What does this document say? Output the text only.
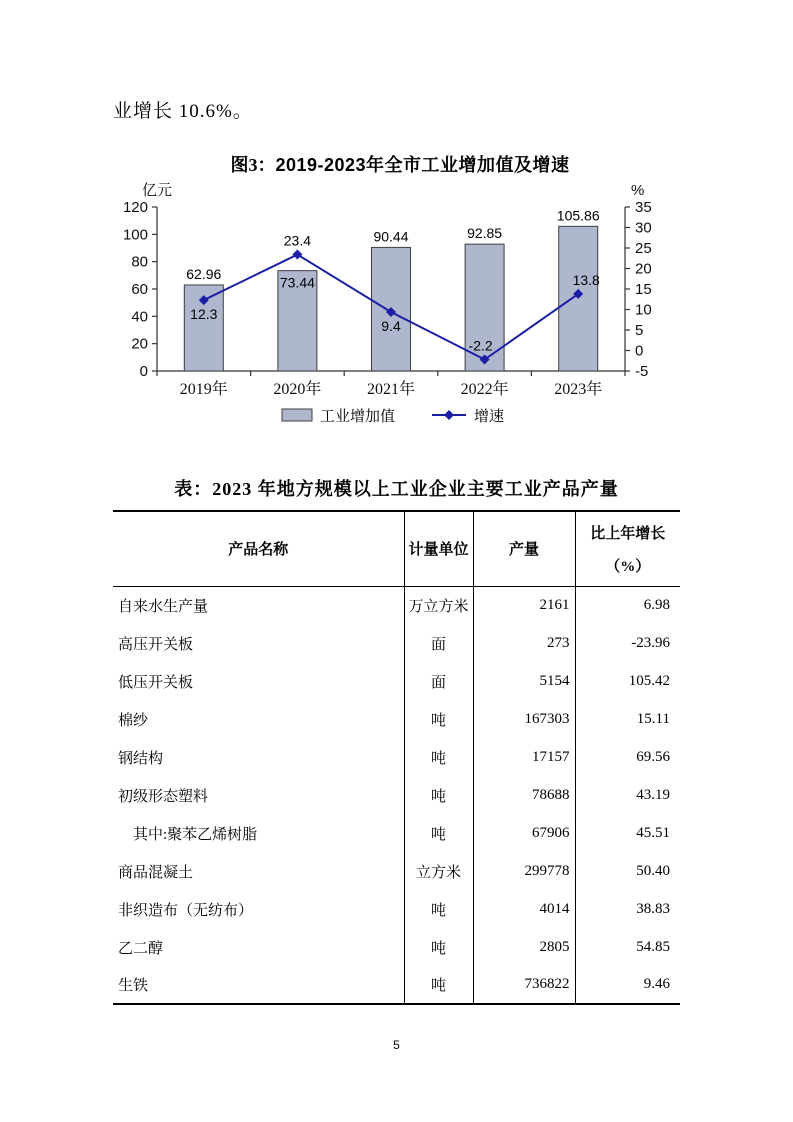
业增长 10.6%。

图3：2019-2023年全市工业增加值及增速
0
20
40
60
80
100
120
-5
0
5
10
15
20
25
30
35
亿元	%
2019年	2020年	2021年	2022年	2023年
62.96
73.44
90.44	92.85
105.86
12.3
23.4
9.4
-2.2
13.8
工业增加值	增速
表：2023 年地方规模以上工业企业主要工业产品产量
产品名称	计量单位	产量	比上年增长
（%）

自来水生产量	万立方米	2161	6.98
高压开关板	面	273	-23.96
低压开关板	面	5154	105.42
棉纱	吨	167303	15.11
钢结构	吨	17157	69.56
初级形态塑料	吨	78688	43.19
其中:聚苯乙烯树脂	吨	67906	45.51
商品混凝土	立方米	299778	50.40
非织造布（无纺布）	吨	4014	38.83
乙二醇	吨	2805	54.85
生铁	吨	736822	9.46
5
